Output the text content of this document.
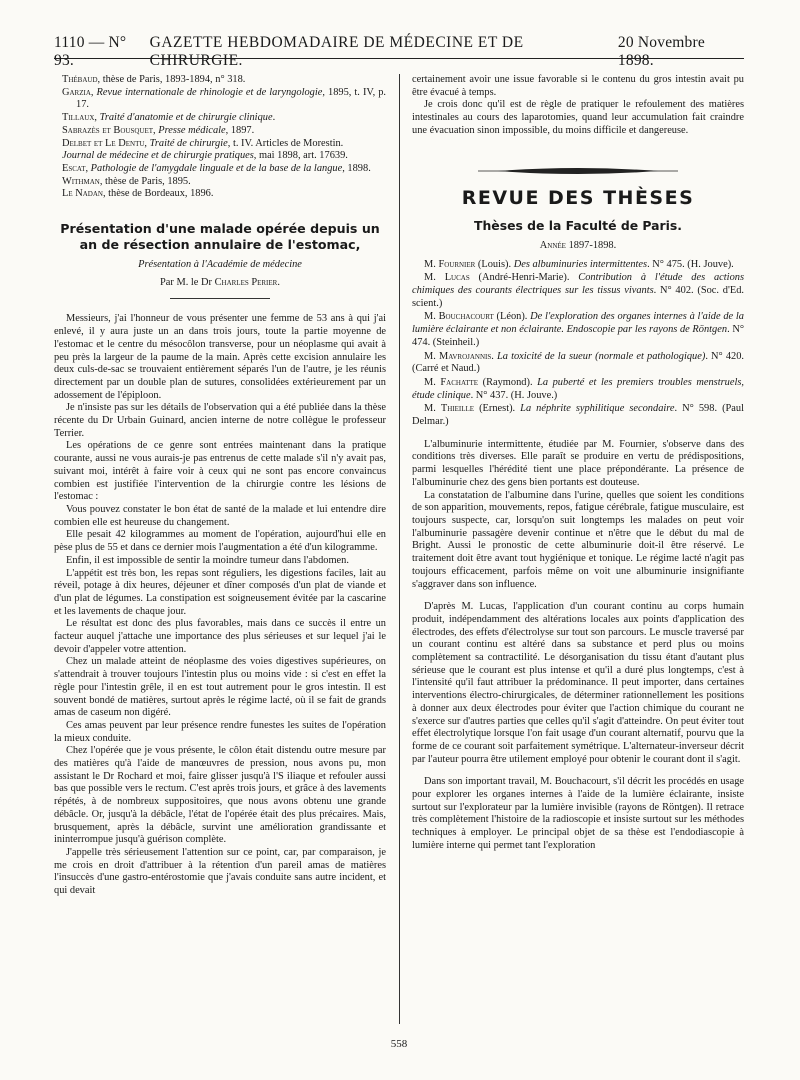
1110 — N° 93.
GAZETTE HEBDOMADAIRE DE MÉDECINE ET DE CHIRURGIE.
20 Novembre 1898.

Thébaud, thèse de Paris, 1893-1894, n° 318.

Garzia, Revue internationale de rhinologie et de laryngologie, 1895, t. IV, p. 17.

Tillaux, Traité d'anatomie et de chirurgie clinique.

Sabrazès et Bousquet, Presse médicale, 1897.

Delbet et Le Dentu, Traité de chirurgie, t. IV. Articles de Morestin.

Journal de médecine et de chirurgie pratiques, mai 1898, art. 17639.

Escat, Pathologie de l'amygdale linguale et de la base de la langue, 1898.

Withman, thèse de Paris, 1895.

Le Nadan, thèse de Bordeaux, 1896.

Présentation d'une malade opérée depuis un an de résection annulaire de l'estomac,
Présentation à l'Académie de médecine
Par M. le Dr Charles Perier.

Messieurs, j'ai l'honneur de vous présenter une femme de 53 ans à qui j'ai enlevé, il y aura juste un an dans trois jours, toute la partie moyenne de l'estomac et le centre du mésocôlon transverse, pour un néoplasme qui avait à peu près la largeur de la paume de la main. Après cette excision annulaire les deux culs-de-sac se trouvaient entièrement séparés l'un de l'autre, je les réunis directement par un double plan de sutures, consolidées extérieurement par un adossement de l'épiploon.

Je n'insiste pas sur les détails de l'observation qui a été publiée dans la thèse récente du Dr Urbain Guinard, ancien interne de notre collègue le professeur Terrier.

Les opérations de ce genre sont entrées maintenant dans la pratique courante, aussi ne vous aurais-je pas entrenus de cette malade s'il n'y avait pas, suivant moi, intérêt à faire voir à ceux qui ne sont pas encore convaincus combien est justifiée l'intervention de la chirurgie contre les lésions de l'estomac :

Vous pouvez constater le bon état de santé de la malade et lui entendre dire combien elle est heureuse du changement.

Elle pesait 42 kilogrammes au moment de l'opération, aujourd'hui elle en pèse plus de 55 et dans ce dernier mois l'augmentation a été d'un kilogramme.

Enfin, il est impossible de sentir la moindre tumeur dans l'abdomen.

L'appétit est très bon, les repas sont réguliers, les digestions faciles, lait au réveil, potage à dix heures, déjeuner et dîner composés d'un plat de viande et d'un plat de légumes. La constipation est soigneusement évitée par la cascarine et les lavements de chaque jour.

Le résultat est donc des plus favorables, mais dans ce succès il entre un facteur auquel j'attache une importance des plus sérieuses et sur lequel j'ai le devoir d'appeler votre attention.

Chez un malade atteint de néoplasme des voies digestives supérieures, on s'attendrait à trouver toujours l'intestin plus ou moins vide : si c'est en effet la règle pour l'intestin grêle, il en est tout autrement pour le gros intestin. Il est souvent bondé de matières, surtout après le régime lacté, où il se fait de grands amas de caseum non digéré.

Ces amas peuvent par leur présence rendre funestes les suites de l'opération la mieux conduite.

Chez l'opérée que je vous présente, le côlon était distendu outre mesure par des matières qu'à l'aide de manœuvres de pression, nous avons pu, mon assistant le Dr Rochard et moi, faire glisser jusqu'à l'S iliaque et refouler aussi bas que possible vers le rectum. C'est après trois jours, et grâce à des lavements répétés, à de nombreux suppositoires, que nous avons obtenu une grande débâcle. Or, jusqu'à la débâcle, l'état de l'opérée était des plus précaires. Mais, brusquement, après la débâcle, survint une amélioration grandissante et ininterrompue jusqu'à guérison complète.

J'appelle très sérieusement l'attention sur ce point, car, par comparaison, je me crois en droit d'attribuer à la rétention d'un pareil amas de matières l'insuccès d'une gastro-entérostomie que j'avais conduite sans autre incident, et qui devait

certainement avoir une issue favorable si le contenu du gros intestin avait pu être évacué à temps.

Je crois donc qu'il est de règle de pratiquer le refoulement des matières intestinales au cours des laparotomies, quand leur accumulation fait craindre une évacuation sinon impossible, du moins difficile et dangereuse.

REVUE DES THÈSES
Thèses de la Faculté de Paris.
Année 1897-1898.

M. Fournier (Louis). Des albuminuries intermittentes. N° 475. (H. Jouve).

M. Lucas (André-Henri-Marie). Contribution à l'étude des actions chimiques des courants électriques sur les tissus vivants. N° 402. (Soc. d'Ed. scient.)

M. Bouchacourt (Léon). De l'exploration des organes internes à l'aide de la lumière éclairante et non éclairante. Endoscopie par les rayons de Röntgen. N° 474. (Steinheil.)

M. Mavrojannis. La toxicité de la sueur (normale et pathologique). N° 420. (Carré et Naud.)

M. Fachatte (Raymond). La puberté et les premiers troubles menstruels, étude clinique. N° 437. (H. Jouve.)

M. Thieille (Ernest). La néphrite syphilitique secondaire. N° 598. (Paul Delmar.)

L'albuminurie intermittente, étudiée par M. Fournier, s'observe dans des conditions très diverses. Elle paraît se produire en vertu de prédispositions, parmi lesquelles l'hérédité tient une place prépondérante. La présence de l'albuminurie chez des gens bien portants est douteuse.

La constatation de l'albumine dans l'urine, quelles que soient les conditions de son apparition, mouvements, repos, fatigue cérébrale, fatigue musculaire, est toujours suspecte, car, lorsqu'on suit longtemps les malades on peut voir l'albuminurie passagère devenir continue et n'être que le début du mal de Bright. Aussi le pronostic de cette albuminurie doit-il être réservé. Le traitement doit être avant tout hygiénique et tonique. Le régime lacté n'agit pas toujours efficacement, parfois même on voit une albuminurie insignifiante s'aggraver dans son influence.

D'après M. Lucas, l'application d'un courant continu au corps humain produit, indépendamment des altérations locales aux points d'application des électrodes, des effets d'électrolyse sur tout son parcours. Le muscle traversé par un courant continu est altéré dans sa substance et perd plus ou moins complètement sa contractilité. Le désorganisation du tissu étant d'autant plus sérieuse que le courant est plus intense et qu'il a duré plus longtemps, c'est à l'intensité qu'il faut attribuer la prédominance. Il peut importer, dans certaines interventions électro-chirurgicales, de déterminer rationnellement les positions à donner aux deux électrodes pour éviter que l'action chimique du courant ne s'exerce sur d'autres parties que celles qu'il s'agit d'atteindre. On peut éviter tout effet électrolytique lorsque l'on fait usage d'un courant alternatif, pourvu que la forme de ce courant soit parfaitement symétrique. L'alternateur-inverseur décrit par l'auteur pourra être utilement employé pour obtenir le courant dont il s'agit.

Dans son important travail, M. Bouchacourt, s'il décrit les procédés en usage pour explorer les organes internes à l'aide de la lumière éclairante, insiste surtout sur l'explorateur par la lumière invisible (rayons de Röntgen). Il retrace très complètement l'histoire de la radioscopie et insiste surtout sur les méthodes techniques à employer. Le principal objet de sa thèse est l'endodiascopie à lumière interne qui permet tant l'exploration

558
